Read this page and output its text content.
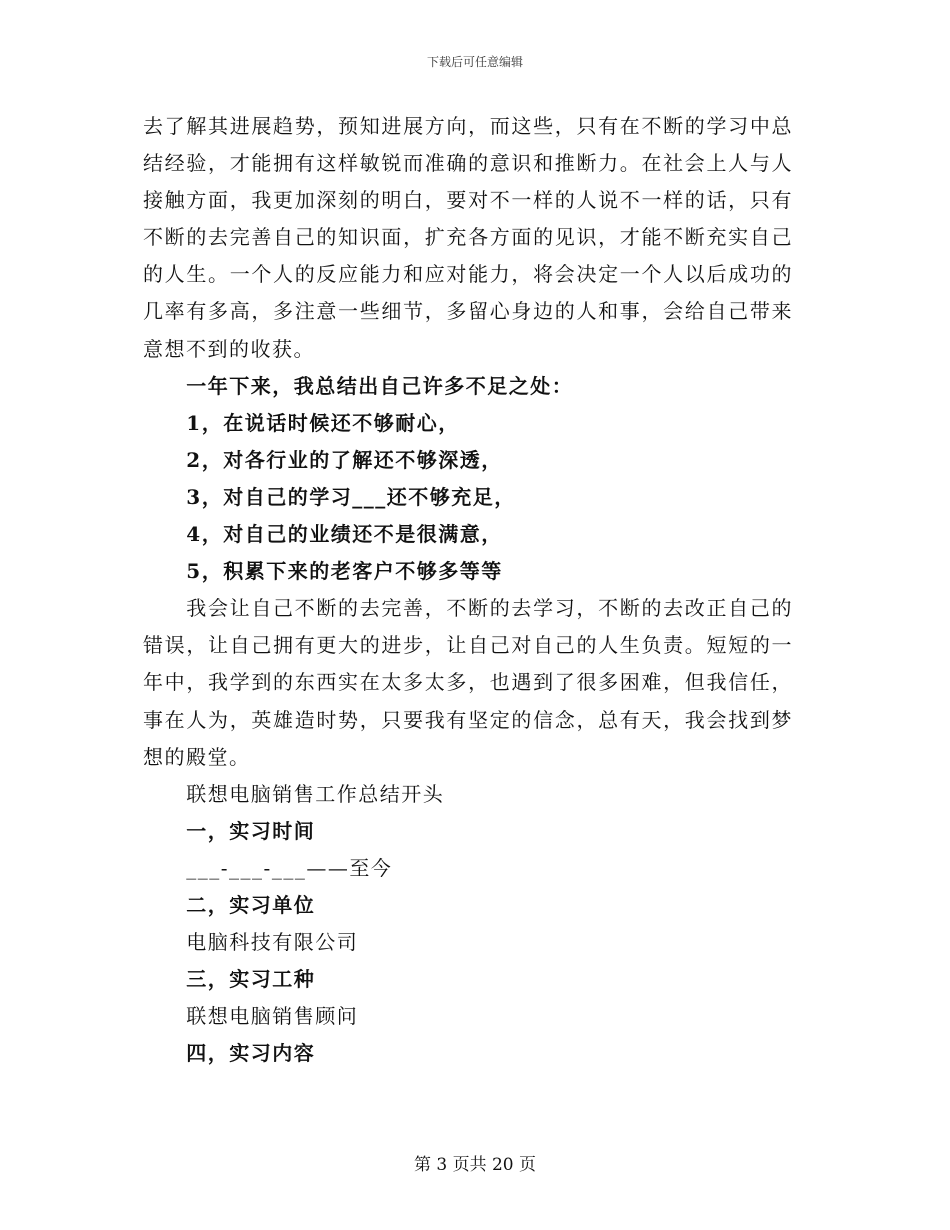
下载后可任意编辑
去了解其进展趋势，预知进展方向，而这些，只有在不断的学习中总
结经验，才能拥有这样敏锐而准确的意识和推断力。在社会上人与人
接触方面，我更加深刻的明白，要对不一样的人说不一样的话，只有
不断的去完善自己的知识面，扩充各方面的见识，才能不断充实自己
的人生。一个人的反应能力和应对能力，将会决定一个人以后成功的
几率有多高，多注意一些细节，多留心身边的人和事，会给自己带来
意想不到的收获。
一年下来，我总结出自己许多不足之处：
1，在说话时候还不够耐心，
2，对各行业的了解还不够深透，
3，对自己的学习___还不够充足，
4，对自己的业绩还不是很满意，
5，积累下来的老客户不够多等等
我会让自己不断的去完善，不断的去学习，不断的去改正自己的
错误，让自己拥有更大的进步，让自己对自己的人生负责。短短的一
年中，我学到的东西实在太多太多，也遇到了很多困难，但我信任，
事在人为，英雄造时势，只要我有坚定的信念，总有天，我会找到梦
想的殿堂。
联想电脑销售工作总结开头
一，实习时间
___-___-___——至今
二，实习单位
电脑科技有限公司
三，实习工种
联想电脑销售顾问
四，实习内容
第 3 页共 20 页
